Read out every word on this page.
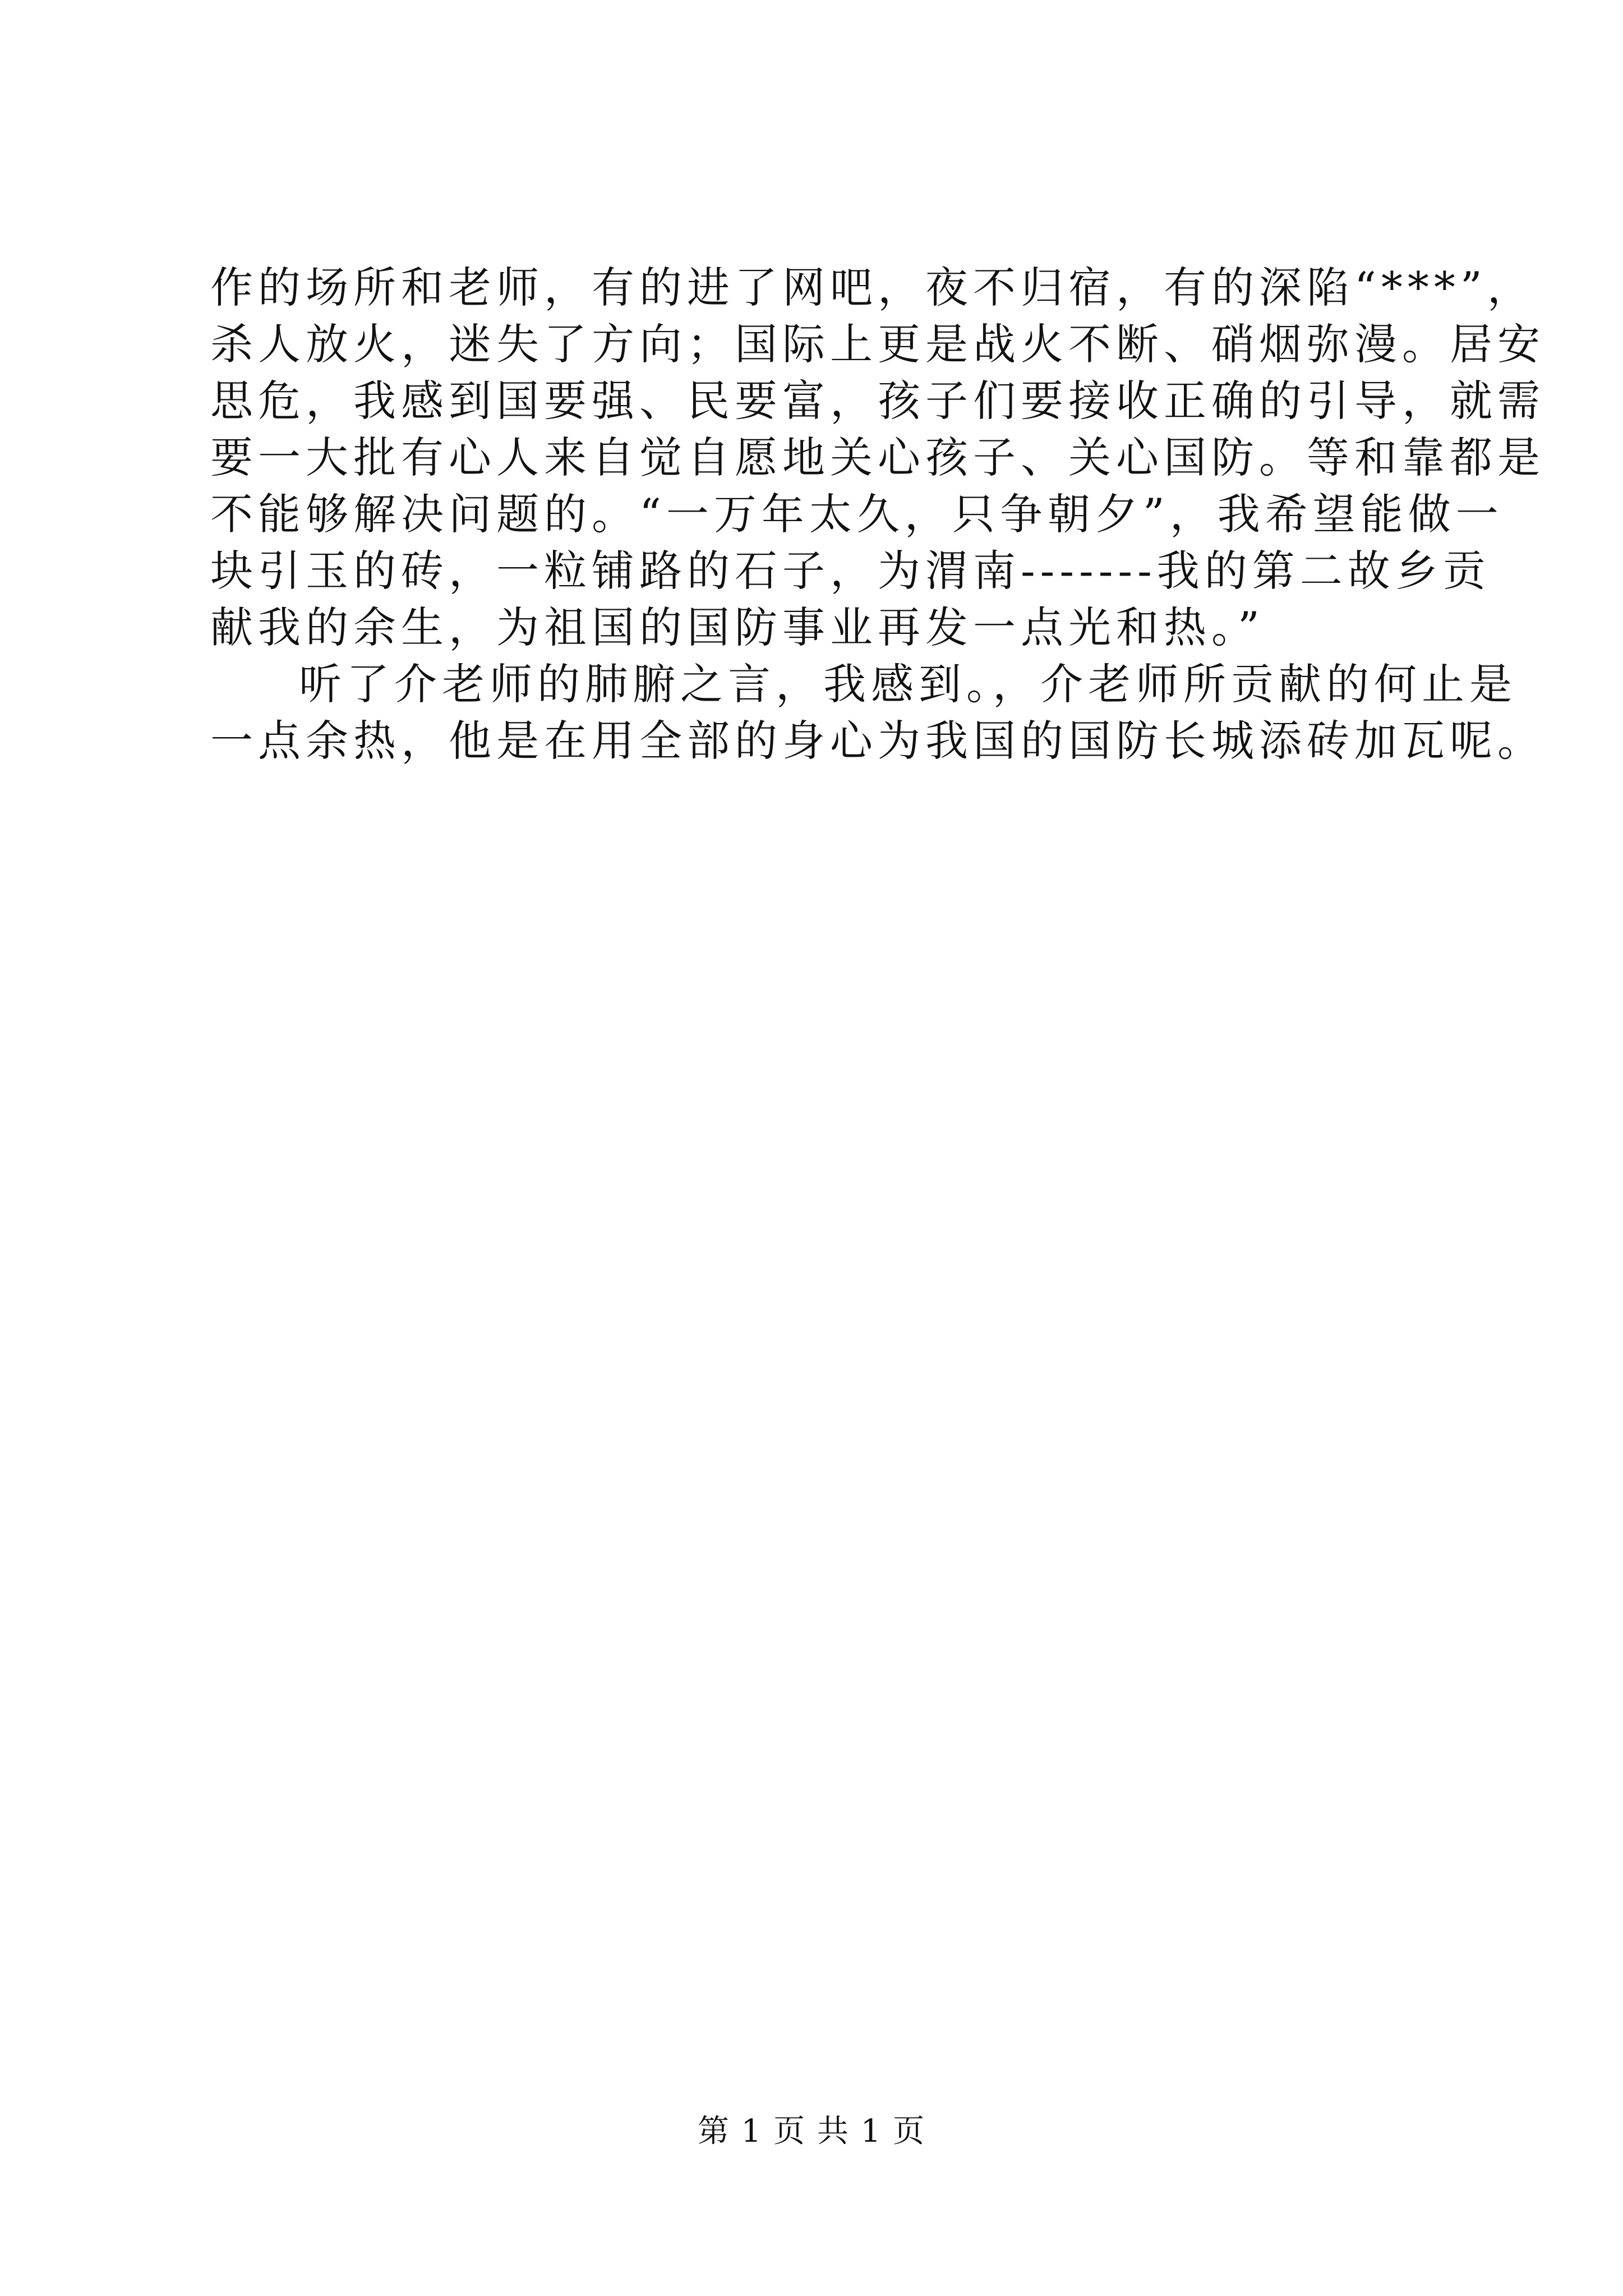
作的场所和老师，有的进了网吧，夜不归宿，有的深陷“***”，
杀人放火，迷失了方向；国际上更是战火不断、硝烟弥漫。居安
思危，我感到国要强、民要富，孩子们要接收正确的引导，就需
要一大批有心人来自觉自愿地关心孩子、关心国防。等和靠都是
不能够解决问题的。“一万年太久，只争朝夕”，我希望能做一
块引玉的砖，一粒铺路的石子，为渭南-------我的第二故乡贡
献我的余生，为祖国的国防事业再发一点光和热。”
听了介老师的肺腑之言，我感到。，介老师所贡献的何止是
一点余热，他是在用全部的身心为我国的国防长城添砖加瓦呢。
第 1 页 共 1 页
